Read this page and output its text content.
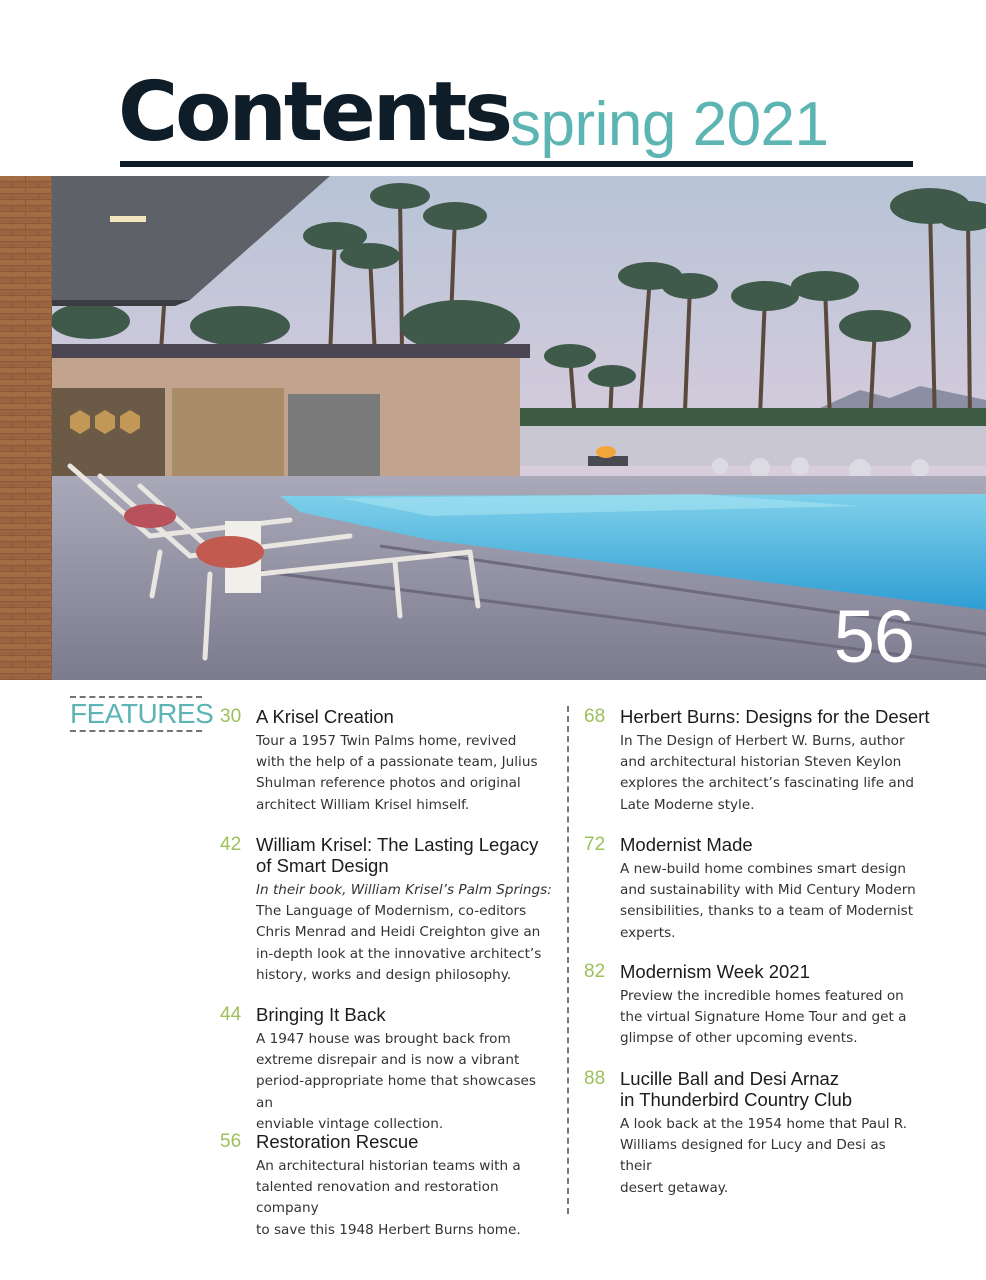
Contents spring 2021
56
FEATURES 30 A Krisel Creation
Tour a 1957 Twin Palms home, revived
with the help of a passionate team, Julius
Shulman reference photos and original
architect William Krisel himself.
42 William Krisel: The Lasting Legacy
of Smart Design
In their book, William Krisel’s Palm Springs:
The Language of Modernism, co-editors
Chris Menrad and Heidi Creighton give an
in-depth look at the innovative architect’s
history, works and design philosophy.
44 Bringing It Back
A 1947 house was brought back from
extreme disrepair and is now a vibrant
period-appropriate home that showcases an
enviable vintage collection.
56 Restoration Rescue
An architectural historian teams with a
talented renovation and restoration company
to save this 1948 Herbert Burns home.
68 Herbert Burns: Designs for the Desert
In The Design of Herbert W. Burns, author
and architectural historian Steven Keylon
explores the architect’s fascinating life and
Late Moderne style.
72 Modernist Made
A new-build home combines smart design
and sustainability with Mid Century Modern
sensibilities, thanks to a team of Modernist
experts.
82 Modernism Week 2021
Preview the incredible homes featured on
the virtual Signature Home Tour and get a
glimpse of other upcoming events.
88 Lucille Ball and Desi Arnaz
in Thunderbird Country Club
A look back at the 1954 home that Paul R.
Williams designed for Lucy and Desi as their
desert getaway.
